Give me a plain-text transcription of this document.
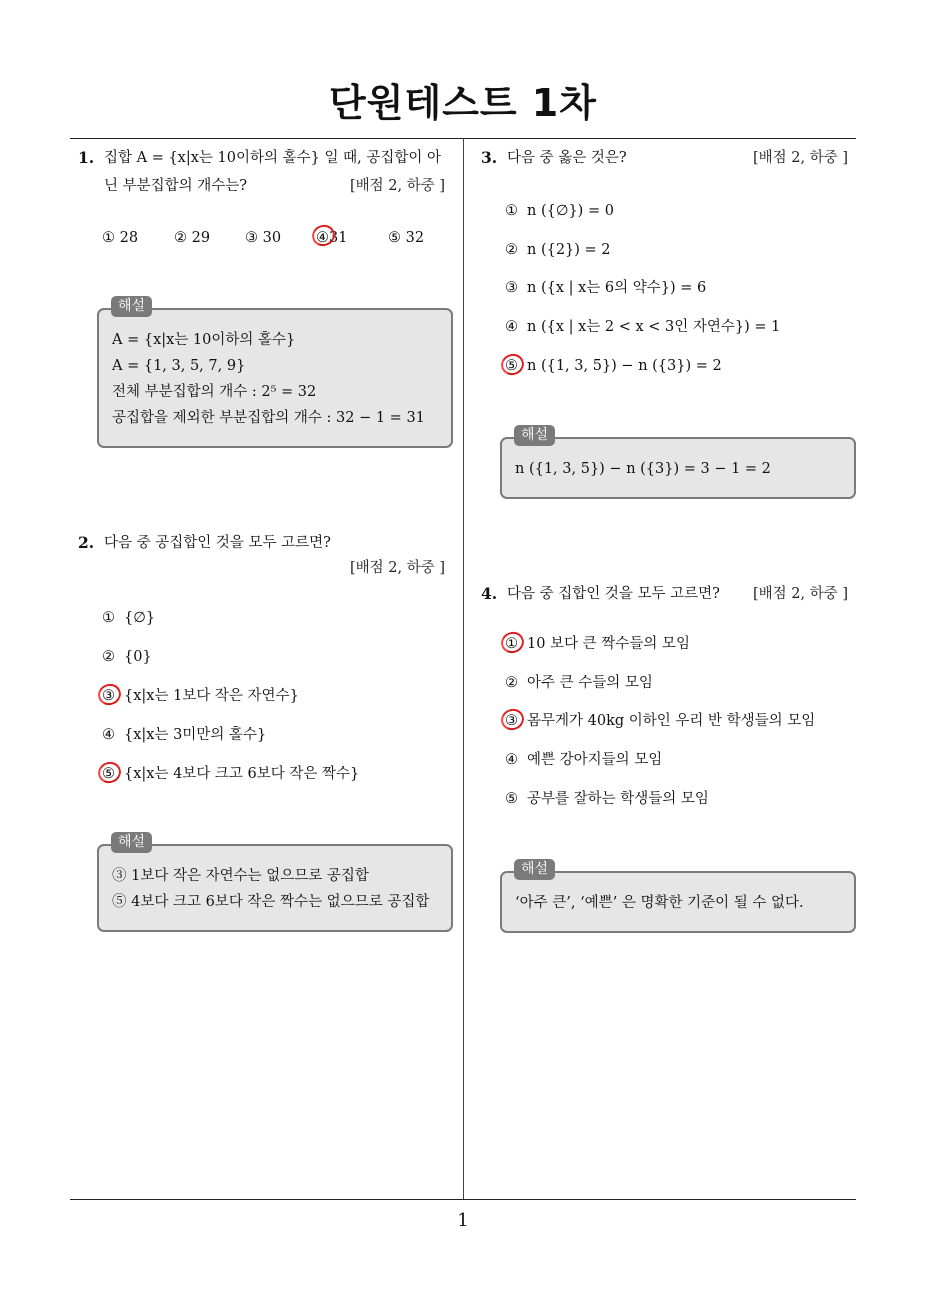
단원테스트 1차
1. 집합 A = {x|x는 10이하의 홀수} 일 때, 공집합이 아
닌 부분집합의 개수는?	[배점 2, 하중 ]
① 28 ② 29 ③ 30 ④31	⑤ 32
A = {x|x는 10이하의 홀수}
A = {1, 3, 5, 7, 9}
전체 부분집합의 개수 : 2⁵ = 32
공집합을 제외한 부분집합의 개수 : 32 − 1 = 31
해설
2. 다음 중 공집합인 것을 모두 고르면?
[배점 2, 하중 ]
① {∅}
② {0}
③ {x|x는 1보다 작은 자연수}
④ {x|x는 3미만의 홀수}
⑤ {x|x는 4보다 크고 6보다 작은 짝수}
③ 1보다 작은 자연수는 없으므로 공집합
⑤ 4보다 크고 6보다 작은 짝수는 없으므로 공집합
해설
3. 다음 중 옳은 것은?	[배점 2, 하중 ]
① n ({∅}) = 0
② n ({2}) = 2
③ n ({x | x는 6의 약수}) = 6
④ n ({x | x는 2 < x < 3인 자연수}) = 1
⑤ n ({1, 3, 5}) − n ({3}) = 2
n ({1, 3, 5}) − n ({3}) = 3 − 1 = 2
해설
4. 다음 중 집합인 것을 모두 고르면? [배점 2, 하중 ]
① 10 보다 큰 짝수들의 모임
② 아주 큰 수들의 모임
③ 몸무게가 40kg 이하인 우리 반 학생들의 모임
④ 예쁜 강아지들의 모임
⑤ 공부를 잘하는 학생들의 모임
‘아주 큰’, ‘예쁜’ 은 명확한 기준이 될 수 없다.
해설
1
